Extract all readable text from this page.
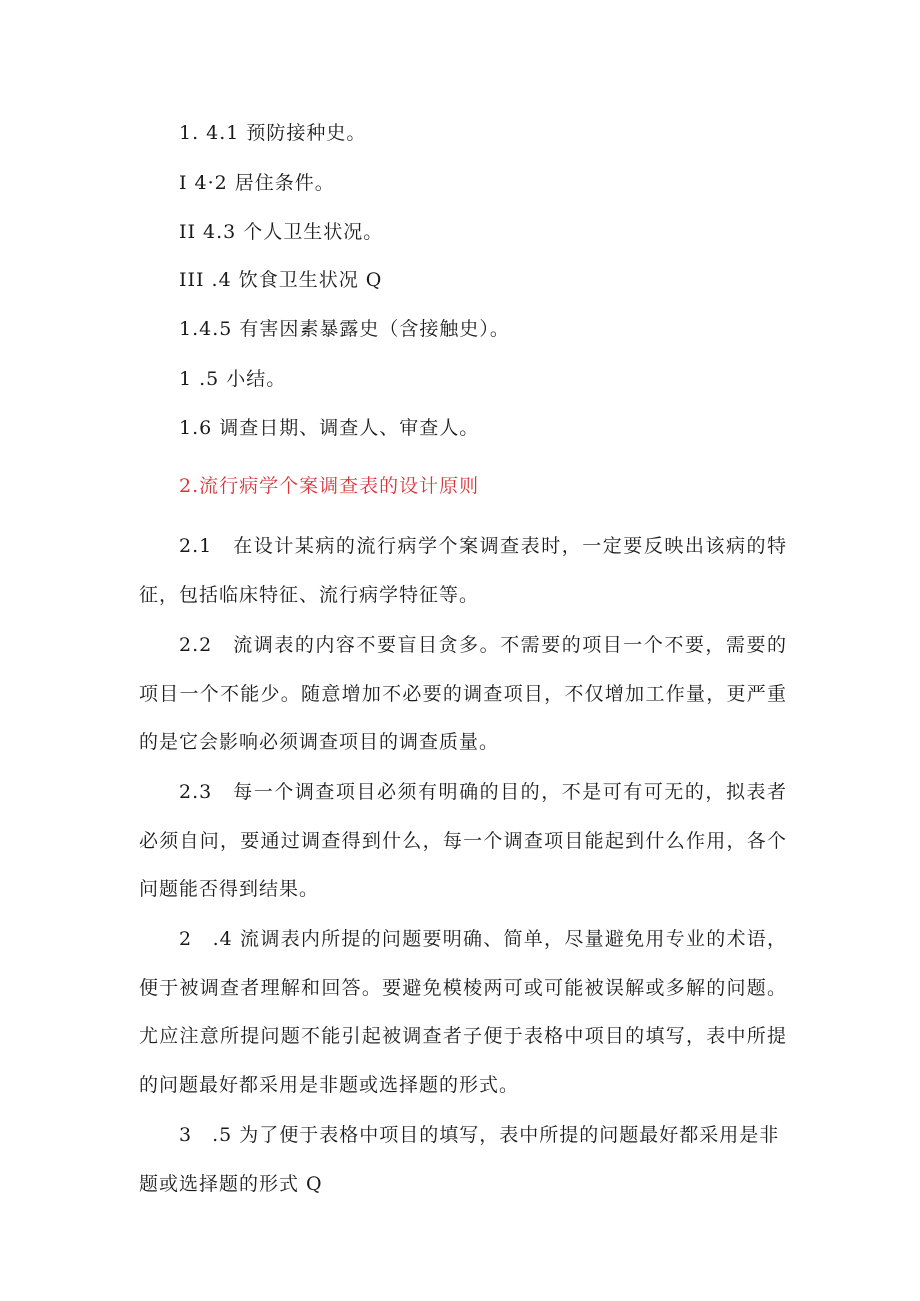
1. 4.1 预防接种史。
I 4·2 居住条件。
II 4.3 个人卫生状况。
III .4 饮食卫生状况 Q
1.4.5 有害因素暴露史（含接触史）。
1 .5 小结。
1.6 调查日期、调查人、审查人。
2.流行病学个案调查表的设计原则

2.1　在设计某病的流行病学个案调查表时，一定要反映出该病的特征，包括临床特征、流行病学特征等。

2.2　流调表的内容不要盲目贪多。不需要的项目一个不要，需要的项目一个不能少。随意增加不必要的调查项目，不仅增加工作量，更严重的是它会影响必须调查项目的调查质量。

2.3　每一个调查项目必须有明确的目的，不是可有可无的，拟表者必须自问，要通过调查得到什么，每一个调查项目能起到什么作用，各个问题能否得到结果。

2　.4 流调表内所提的问题要明确、简单，尽量避免用专业的术语，便于被调查者理解和回答。要避免模棱两可或可能被误解或多解的问题。尤应注意所提问题不能引起被调查者子便于表格中项目的填写，表中所提的问题最好都采用是非题或选择题的形式。

3　.5 为了便于表格中项目的填写，表中所提的问题最好都采用是非题或选择题的形式 Q
